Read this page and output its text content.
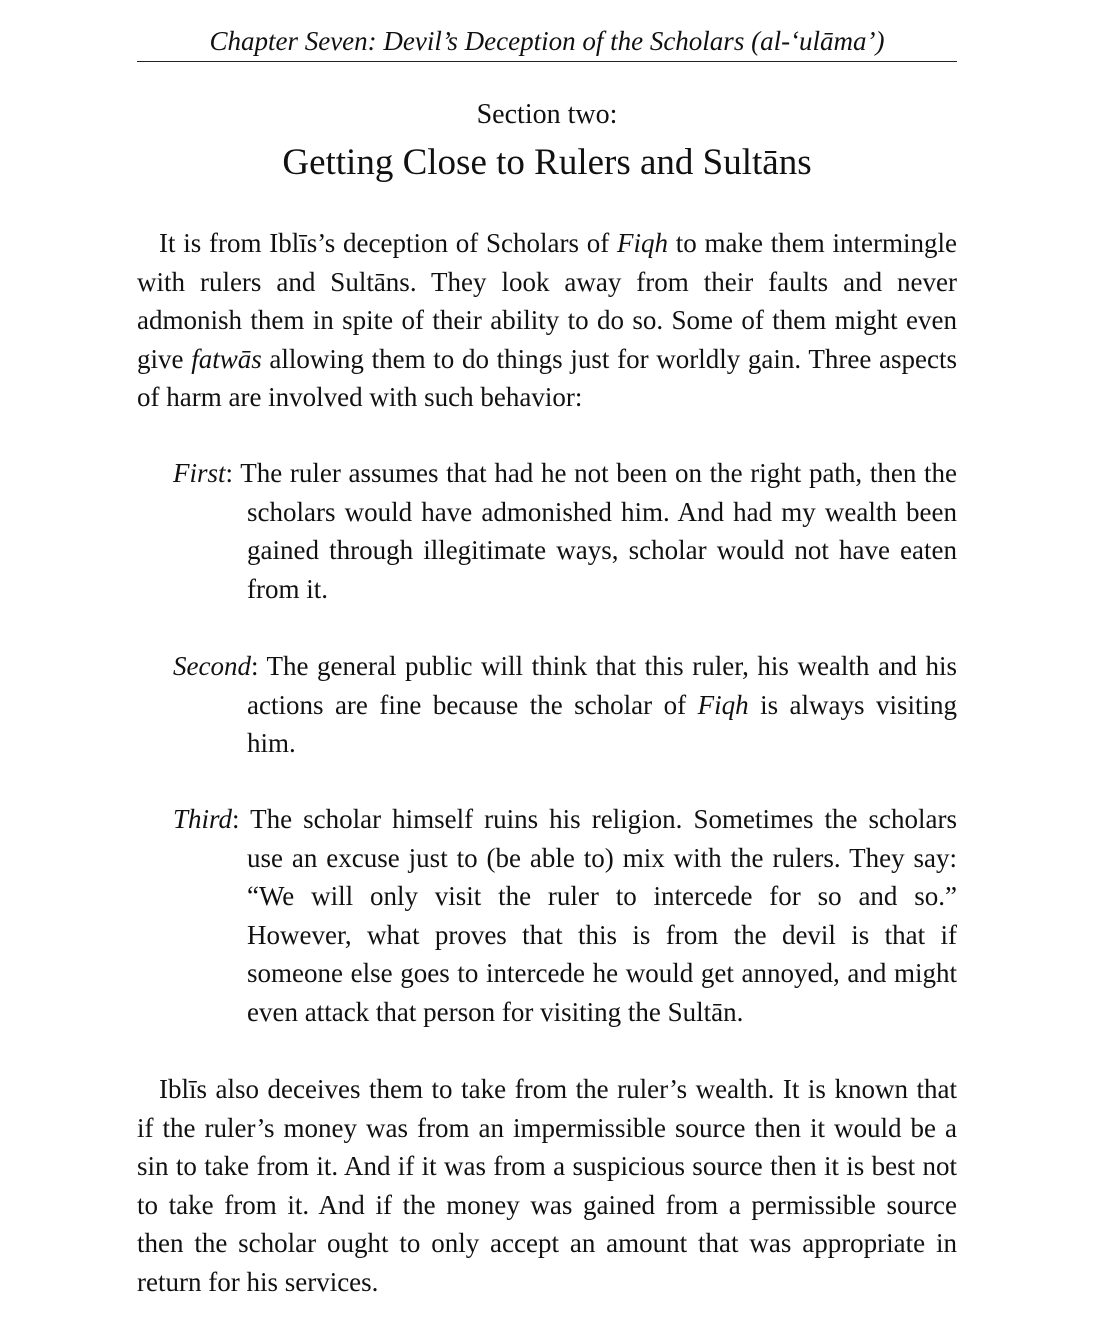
Chapter Seven: Devil’s Deception of the Scholars (al-‘ulāma’)
Section two:
Getting Close to Rulers and Sultāns

It is from Iblīs’s deception of Scholars of Fiqh to make them intermingle with rulers and Sultāns. They look away from their faults and never admonish them in spite of their ability to do so. Some of them might even give fatwās allowing them to do things just for worldly gain. Three aspects of harm are involved with such behavior:

First: The ruler assumes that had he not been on the right path, then the scholars would have admonished him. And had my wealth been gained through illegitimate ways, scholar would not have eaten from it.

Second: The general public will think that this ruler, his wealth and his actions are fine because the scholar of Fiqh is always visiting him.

Third: The scholar himself ruins his religion. Sometimes the scholars use an excuse just to (be able to) mix with the rulers. They say: “We will only visit the ruler to intercede for so and so.” However, what proves that this is from the devil is that if someone else goes to intercede he would get annoyed, and might even attack that person for visiting the Sultān.

Iblīs also deceives them to take from the ruler’s wealth. It is known that if the ruler’s money was from an impermissible source then it would be a sin to take from it. And if it was from a suspicious source then it is best not to take from it. And if the money was gained from a permissible source then the scholar ought to only accept an amount that was appropriate in return for his services.
